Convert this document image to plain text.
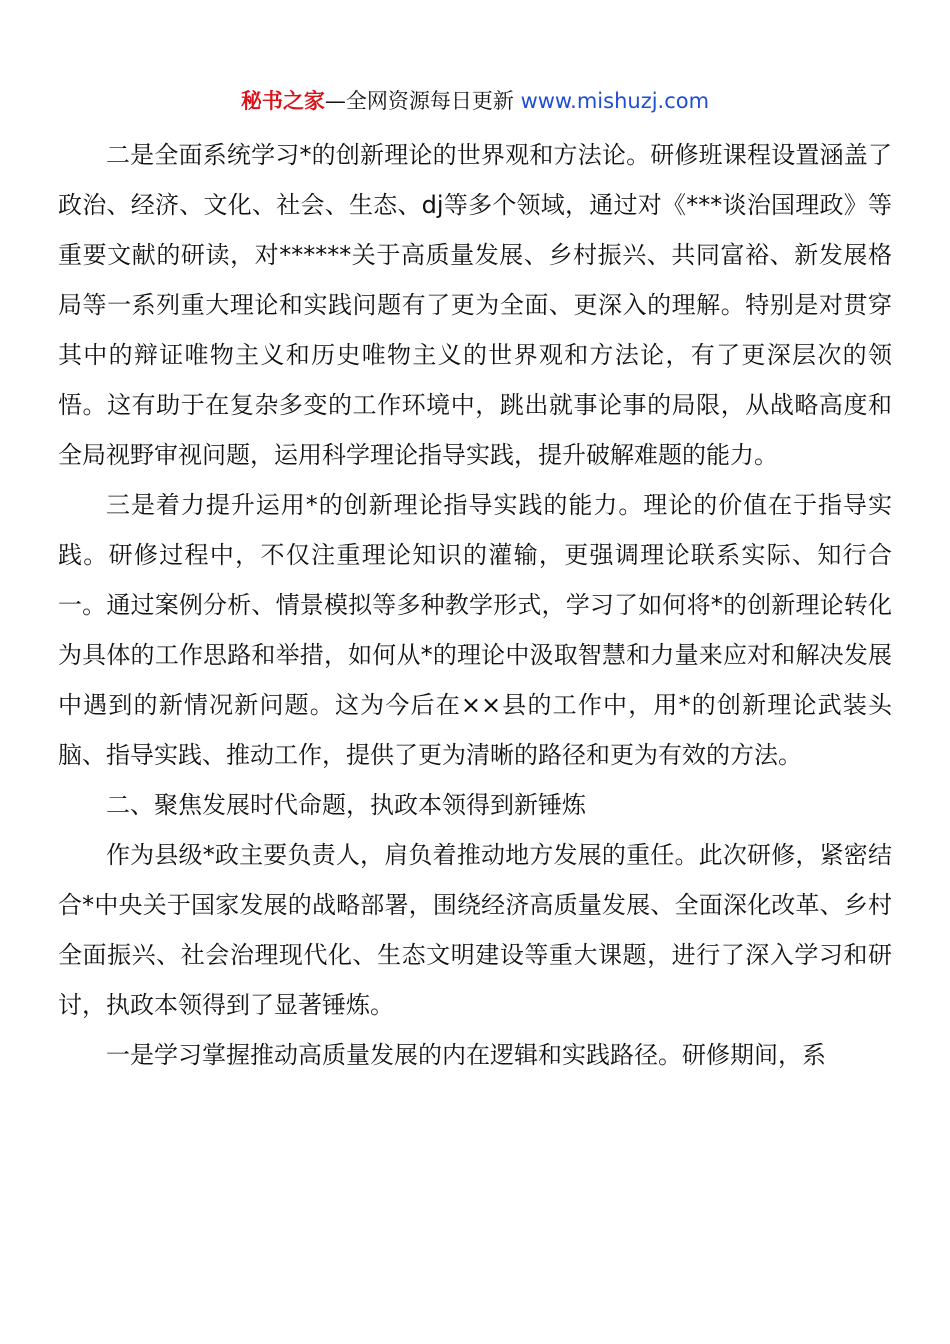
秘书之家—全网资源每日更新 www.mishuzj.com

二是全面系统学习*的创新理论的世界观和方法论。研修班课程设置涵盖了政治、经济、文化、社会、生态、dj等多个领域，通过对《***谈治国理政》等重要文献的研读，对******关于高质量发展、乡村振兴、共同富裕、新发展格局等一系列重大理论和实践问题有了更为全面、更深入的理解。特别是对贯穿其中的辩证唯物主义和历史唯物主义的世界观和方法论，有了更深层次的领悟。这有助于在复杂多变的工作环境中，跳出就事论事的局限，从战略高度和全局视野审视问题，运用科学理论指导实践，提升破解难题的能力。

三是着力提升运用*的创新理论指导实践的能力。理论的价值在于指导实践。研修过程中，不仅注重理论知识的灌输，更强调理论联系实际、知行合一。通过案例分析、情景模拟等多种教学形式，学习了如何将*的创新理论转化为具体的工作思路和举措，如何从*的理论中汲取智慧和力量来应对和解决发展中遇到的新情况新问题。这为今后在××县的工作中，用*的创新理论武装头脑、指导实践、推动工作，提供了更为清晰的路径和更为有效的方法。

二、聚焦发展时代命题，执政本领得到新锤炼

作为县级*政主要负责人，肩负着推动地方发展的重任。此次研修，紧密结合*中央关于国家发展的战略部署，围绕经济高质量发展、全面深化改革、乡村全面振兴、社会治理现代化、生态文明建设等重大课题，进行了深入学习和研讨，执政本领得到了显著锤炼。

一是学习掌握推动高质量发展的内在逻辑和实践路径。研修期间，系
